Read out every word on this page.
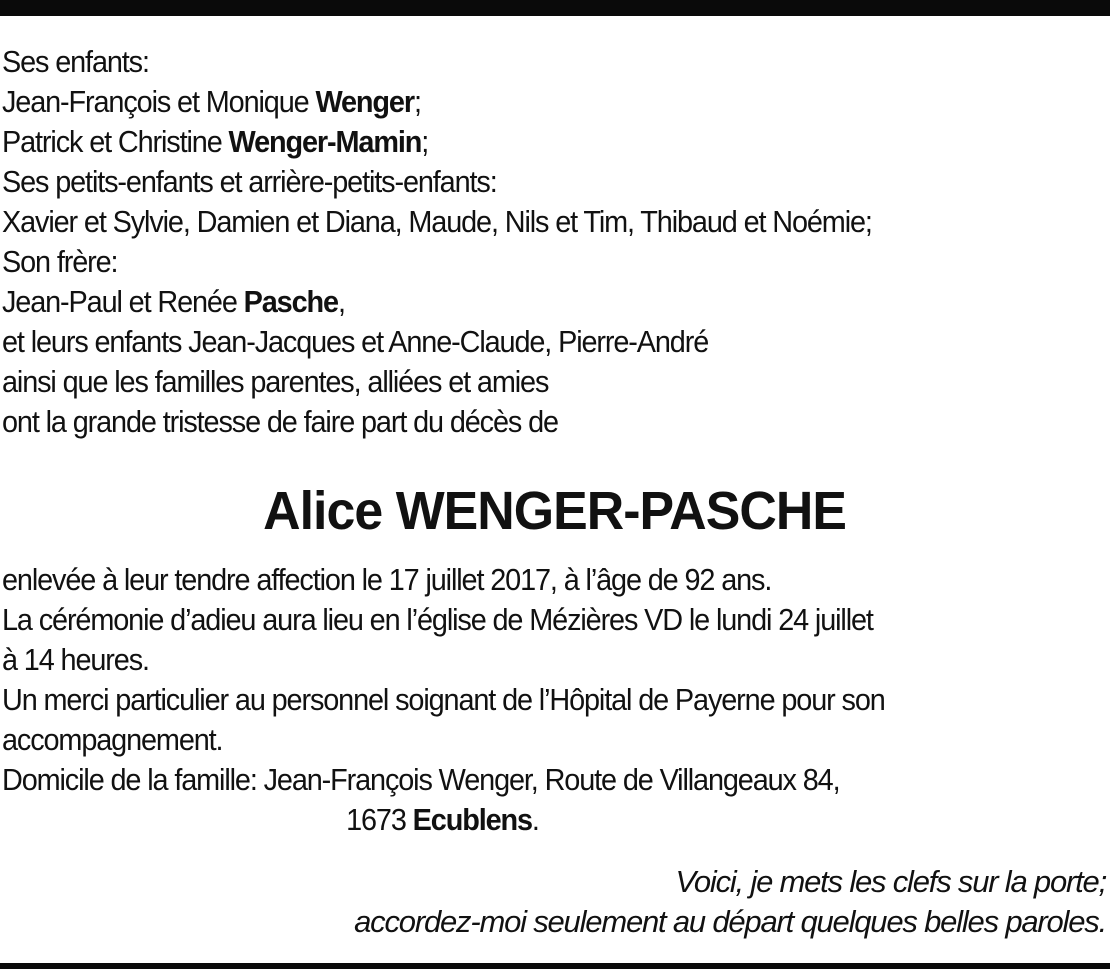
Ses enfants:
Jean-François et Monique Wenger;
Patrick et Christine Wenger-Mamin;
Ses petits-enfants et arrière-petits-enfants:
Xavier et Sylvie, Damien et Diana, Maude, Nils et Tim, Thibaud et Noémie;
Son frère:
Jean-Paul et Renée Pasche,
et leurs enfants Jean-Jacques et Anne-Claude, Pierre-André
ainsi que les familles parentes, alliées et amies
ont la grande tristesse de faire part du décès de
Alice WENGER-PASCHE
enlevée à leur tendre affection le 17 juillet 2017, à l’âge de 92 ans.
La cérémonie d’adieu aura lieu en l’église de Mézières VD le lundi 24 juillet
à 14 heures.
Un merci particulier au personnel soignant de l’Hôpital de Payerne pour son
accompagnement.
Domicile de la famille: Jean-François Wenger, Route de Villangeaux 84,
1673 Ecublens.
Voici, je mets les clefs sur la porte;
accordez-moi seulement au départ quelques belles paroles.
